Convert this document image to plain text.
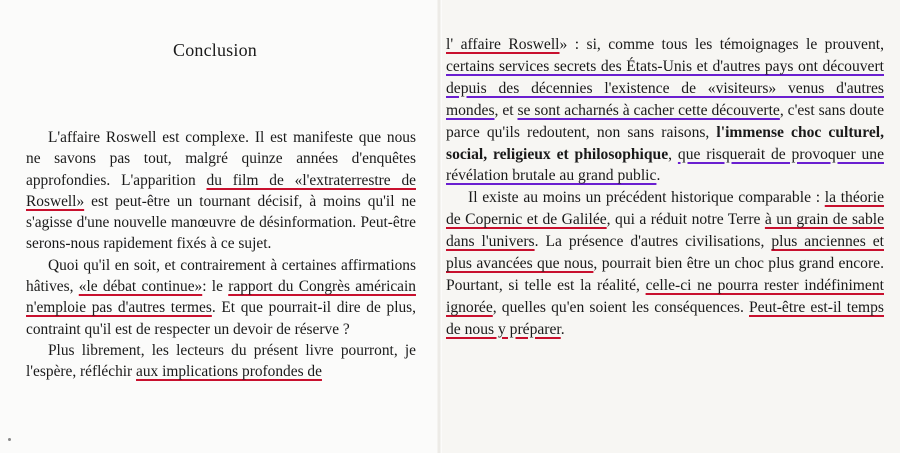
Conclusion

L'affaire Roswell est complexe. Il est manifeste que nous ne savons pas tout, malgré quinze années d'enquêtes approfondies. L'apparition du film de «l'extraterrestre de Roswell» est peut-être un tournant décisif, à moins qu'il ne s'agisse d'une nouvelle manœuvre de désinformation. Peut-être serons-nous rapidement fixés à ce sujet.

Quoi qu'il en soit, et contrairement à certaines affirmations hâtives, «le débat continue»: le rapport du Congrès américain n'emploie pas d'autres termes. Et que pourrait-il dire de plus, contraint qu'il est de respecter un devoir de réserve ?

Plus librement, les lecteurs du présent livre pourront, je l'espère, réfléchir aux implications profondes de

l' affaire Roswell» : si, comme tous les témoignages le prouvent, certains services secrets des États-Unis et d'autres pays ont découvert depuis des décennies l'existence de «visiteurs» venus d'autres mondes, et se sont acharnés à cacher cette découverte, c'est sans doute parce qu'ils redoutent, non sans raisons, l'immense choc culturel, social, religieux et philosophique, que risquerait de provoquer une révélation brutale au grand public.

Il existe au moins un précédent historique comparable : la théorie de Copernic et de Galilée, qui a réduit notre Terre à un grain de sable dans l'univers. La présence d'autres civilisations, plus anciennes et plus avancées que nous, pourrait bien être un choc plus grand encore. Pourtant, si telle est la réalité, celle-ci ne pourra rester indéfiniment ignorée, quelles qu'en soient les conséquences. Peut-être est-il temps de nous y préparer.
